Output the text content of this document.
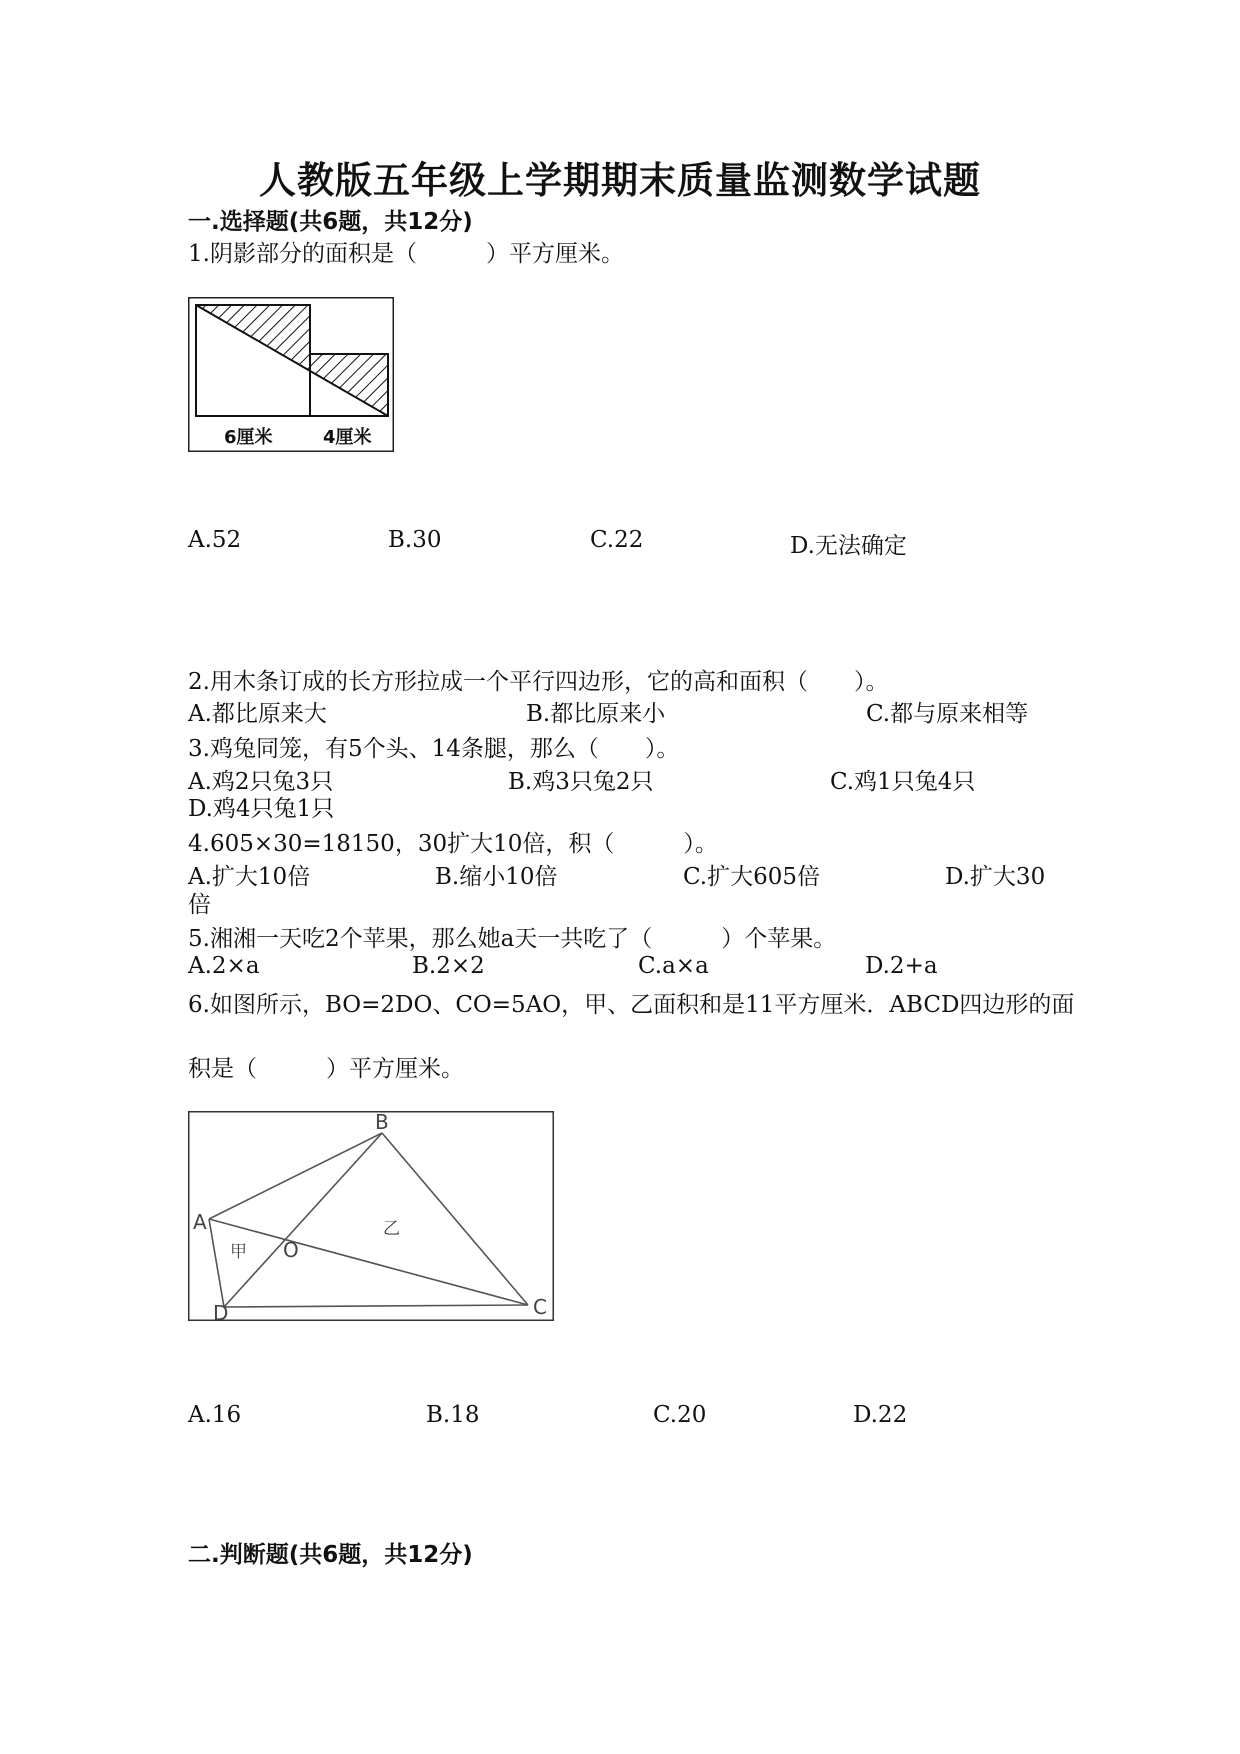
人教版五年级上学期期末质量监测数学试题
一.选择题(共6题，共12分)
1.阴影部分的面积是（　　　）平方厘米。
6厘米	4厘米
A.52	B.30	C.22	D.无法确定
2.用木条订成的长方形拉成一个平行四边形，它的高和面积（　　）。
A.都比原来大	B.都比原来小	C.都与原来相等
3.鸡兔同笼，有5个头、14条腿，那么（　　）。
A.鸡2只兔3只	B.鸡3只兔2只	C.鸡1只兔4只
D.鸡4只兔1只
4.605×30=18150，30扩大10倍，积（　　　）。
A.扩大10倍	B.缩小10倍	C.扩大605倍	D.扩大30
倍
5.湘湘一天吃2个苹果，那么她a天一共吃了（　　　）个苹果。
A.2×a	B.2×2	C.a×a	D.2+a
6.如图所示，BO=2DO、CO=5AO，甲、乙面积和是11平方厘米．ABCD四边形的面
积是（　　　）平方厘米。
A
B
C
D
O
甲
乙
A.16	B.18	C.20	D.22
二.判断题(共6题，共12分)
